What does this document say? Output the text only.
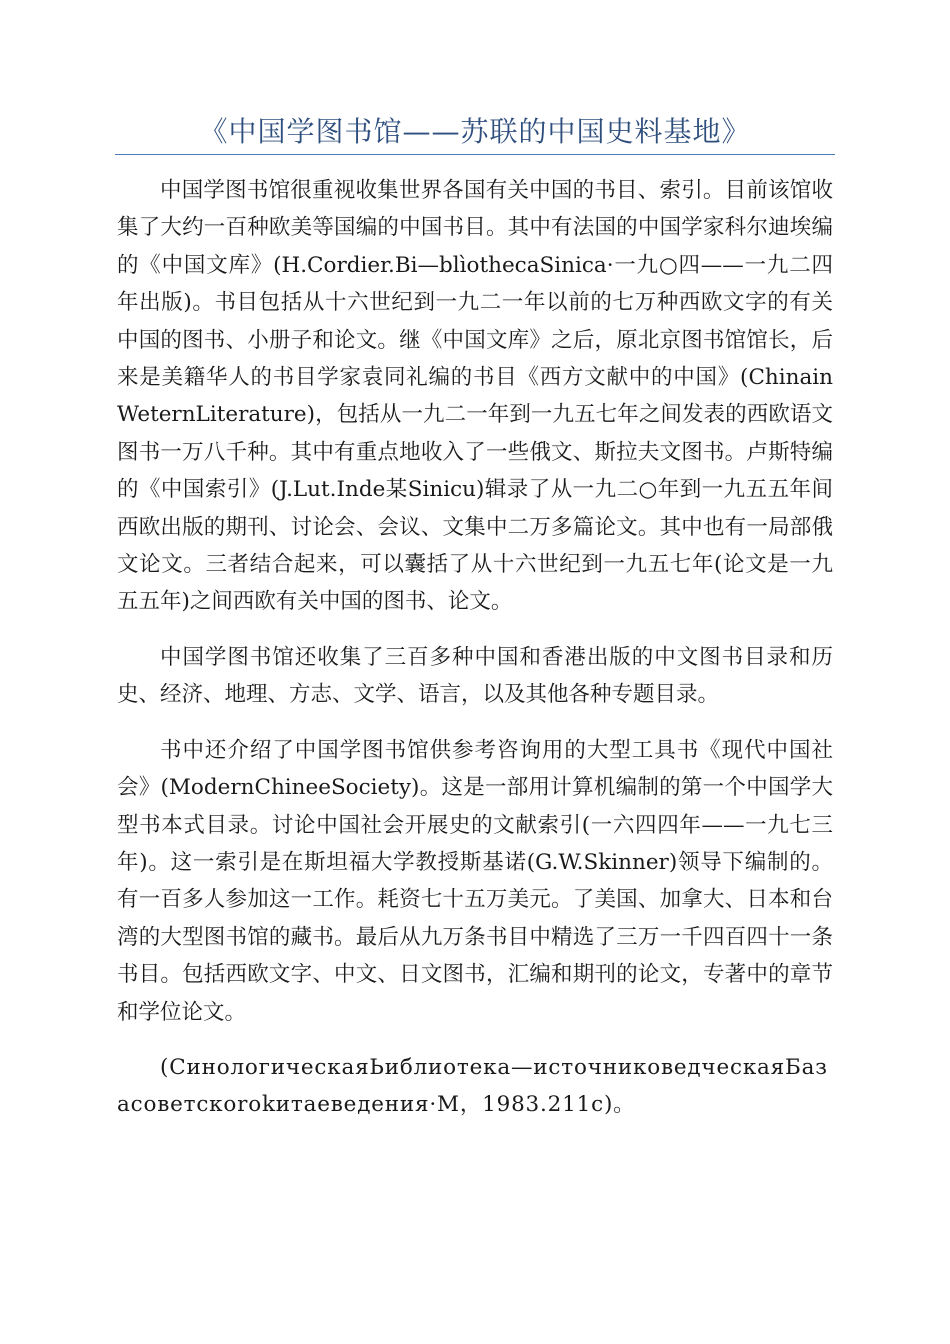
《中国学图书馆——苏联的中国史料基地》

中国学图书馆很重视收集世界各国有关中国的书目、索引。目前该馆收集了大约一百种欧美等国编的中国书目。其中有法国的中国学家科尔迪埃编的《中国文库》(H.Cordier.Bi—blìothecaSinica·一九○四——一九二四年出版)。书目包括从十六世纪到一九二一年以前的七万种西欧文字的有关中国的图书、小册子和论文。继《中国文库》之后，原北京图书馆馆长，后来是美籍华人的书目学家袁同礼编的书目《西方文献中的中国》(ChinainWeternLiterature)，包括从一九二一年到一九五七年之间发表的西欧语文图书一万八千种。其中有重点地收入了一些俄文、斯拉夫文图书。卢斯特编的《中国索引》(J.Lut.Inde某Sinicu)辑录了从一九二○年到一九五五年间西欧出版的期刊、讨论会、会议、文集中二万多篇论文。其中也有一局部俄文论文。三者结合起来，可以囊括了从十六世纪到一九五七年(论文是一九五五年)之间西欧有关中国的图书、论文。

中国学图书馆还收集了三百多种中国和香港出版的中文图书目录和历史、经济、地理、方志、文学、语言，以及其他各种专题目录。

书中还介绍了中国学图书馆供参考咨询用的大型工具书《现代中国社会》(ModernChineeSociety)。这是一部用计算机编制的第一个中国学大型书本式目录。讨论中国社会开展史的文献索引(一六四四年——一九七三年)。这一索引是在斯坦福大学教授斯基诺(G.W.Skinner)领导下编制的。有一百多人参加这一工作。耗资七十五万美元。了美国、加拿大、日本和台湾的大型图书馆的藏书。最后从九万条书目中精选了三万一千四百四十一条书目。包括西欧文字、中文、日文图书，汇编和期刊的论文，专著中的章节和学位论文。

(СинологическаяЬиблиотека—источниковедческаяБазасоветскоrokитаеведения·M，1983.211c)。
